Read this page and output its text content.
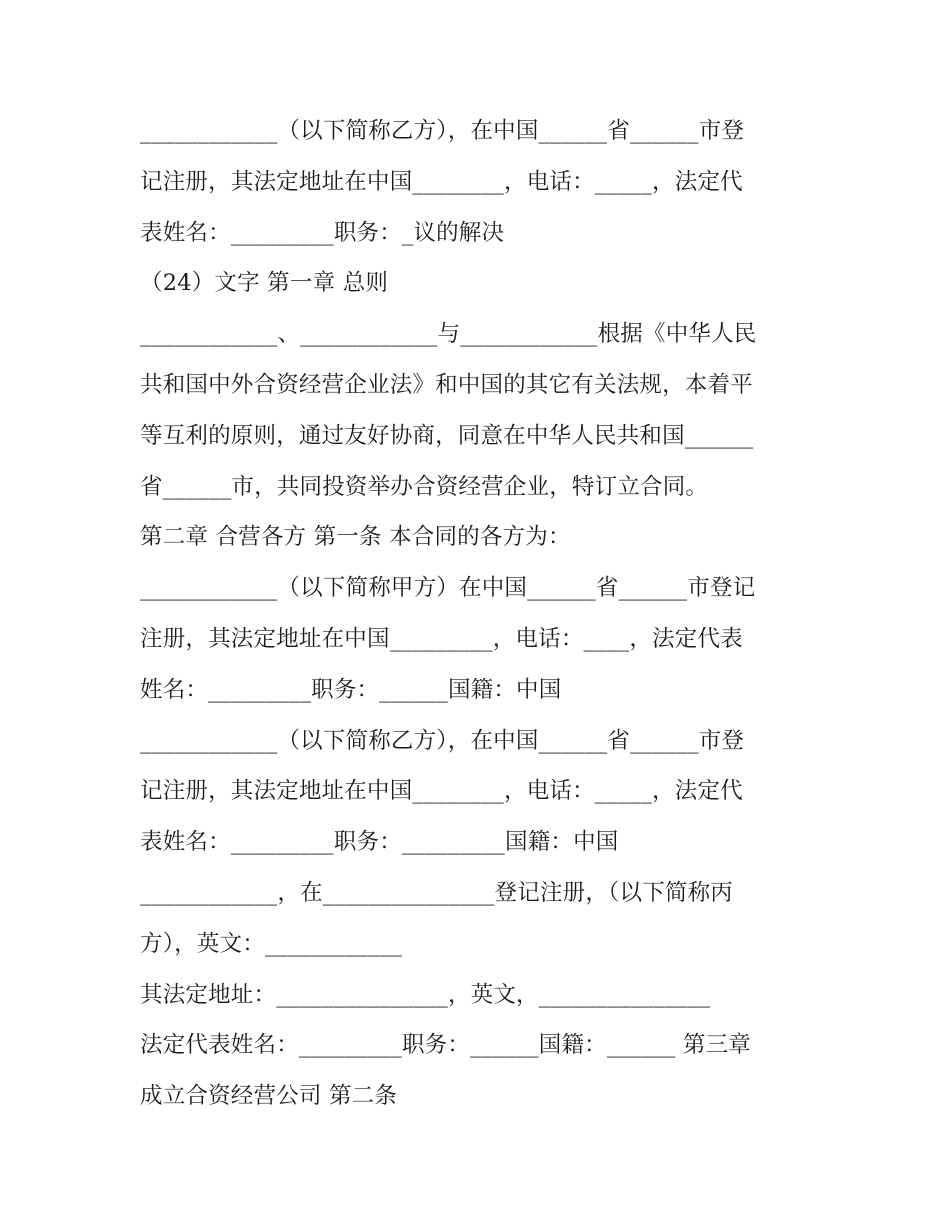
____________（以下简称乙方），在中国______省______市登
记注册，其法定地址在中国________，电话：_____，法定代
表姓名：_________职务：_议的解决
（24）文字 第一章 总则
____________、____________与____________根据《中华人民
共和国中外合资经营企业法》和中国的其它有关法规，本着平
等互利的原则，通过友好协商，同意在中华人民共和国______
省______市，共同投资举办合资经营企业，特订立合同。
第二章 合营各方 第一条 本合同的各方为：
____________（以下简称甲方）在中国______省______市登记
注册，其法定地址在中国_________，电话：____，法定代表
姓名：_________职务：______国籍：中国
____________（以下简称乙方），在中国______省______市登
记注册，其法定地址在中国________，电话：_____，法定代
表姓名：_________职务：_________国籍：中国
____________，在_______________登记注册，（以下简称丙
方），英文：____________
其法定地址：_______________，英文，_______________
法定代表姓名：_________职务：______国籍：______ 第三章
成立合资经营公司 第二条
